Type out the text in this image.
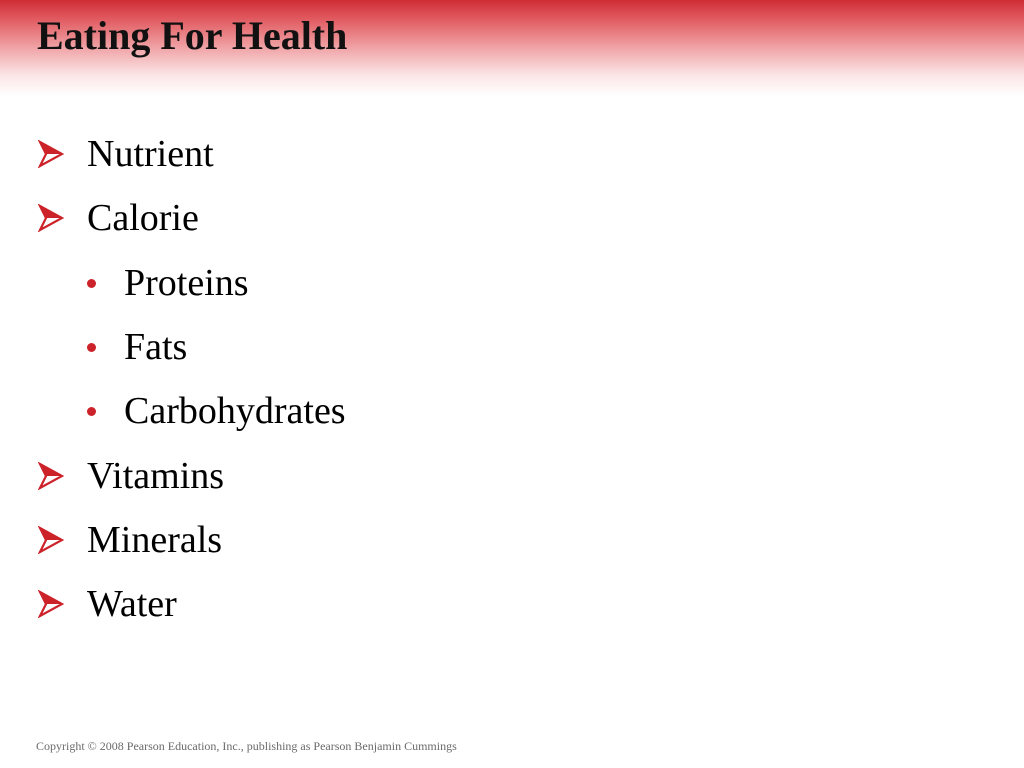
Eating For Health
Nutrient
Calorie
Proteins
Fats
Carbohydrates
Vitamins
Minerals
Water
Copyright © 2008 Pearson Education, Inc., publishing as Pearson Benjamin Cummings
